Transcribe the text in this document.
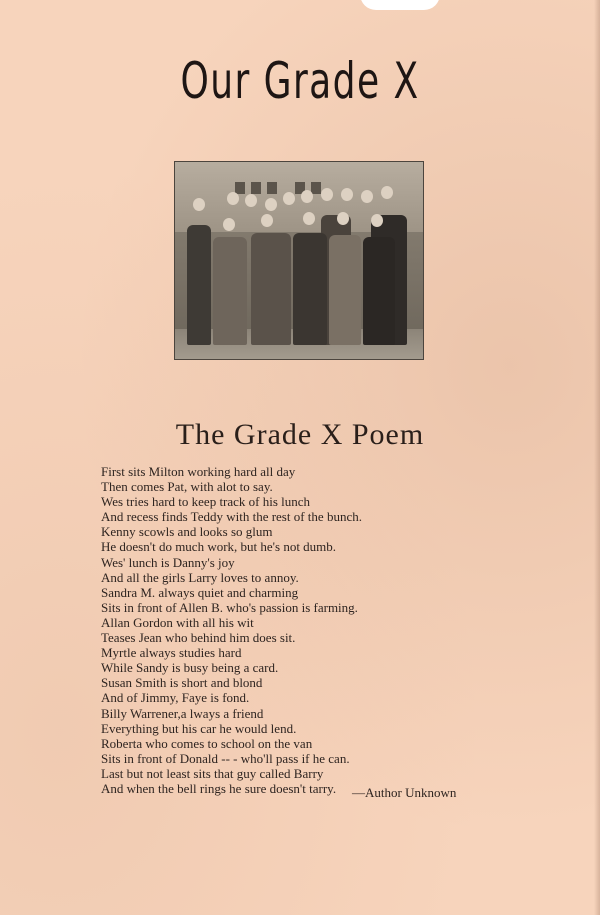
Our Grade X
The Grade X Poem
First sits Milton working hard all day
Then comes Pat, with alot to say.
Wes tries hard to keep track of his lunch
And recess finds Teddy with the rest of the bunch.
Kenny scowls and looks so glum
He doesn't do much work, but he's not dumb.
Wes' lunch is Danny's joy
And all the girls Larry loves to annoy.
Sandra M. always quiet and charming
Sits in front of Allen B. who's passion is farming.
Allan Gordon with all his wit
Teases Jean who behind him does sit.
Myrtle always studies hard
While Sandy is busy being a card.
Susan Smith is short and blond
And of Jimmy, Faye is fond.
Billy Warrener,a lways a friend
Everything but his car he would lend.
Roberta who comes to school on the van
Sits in front of Donald -- - who'll pass if he can.
Last but not least sits that guy called Barry
And when the bell rings he sure doesn't tarry.	—Author Unknown
